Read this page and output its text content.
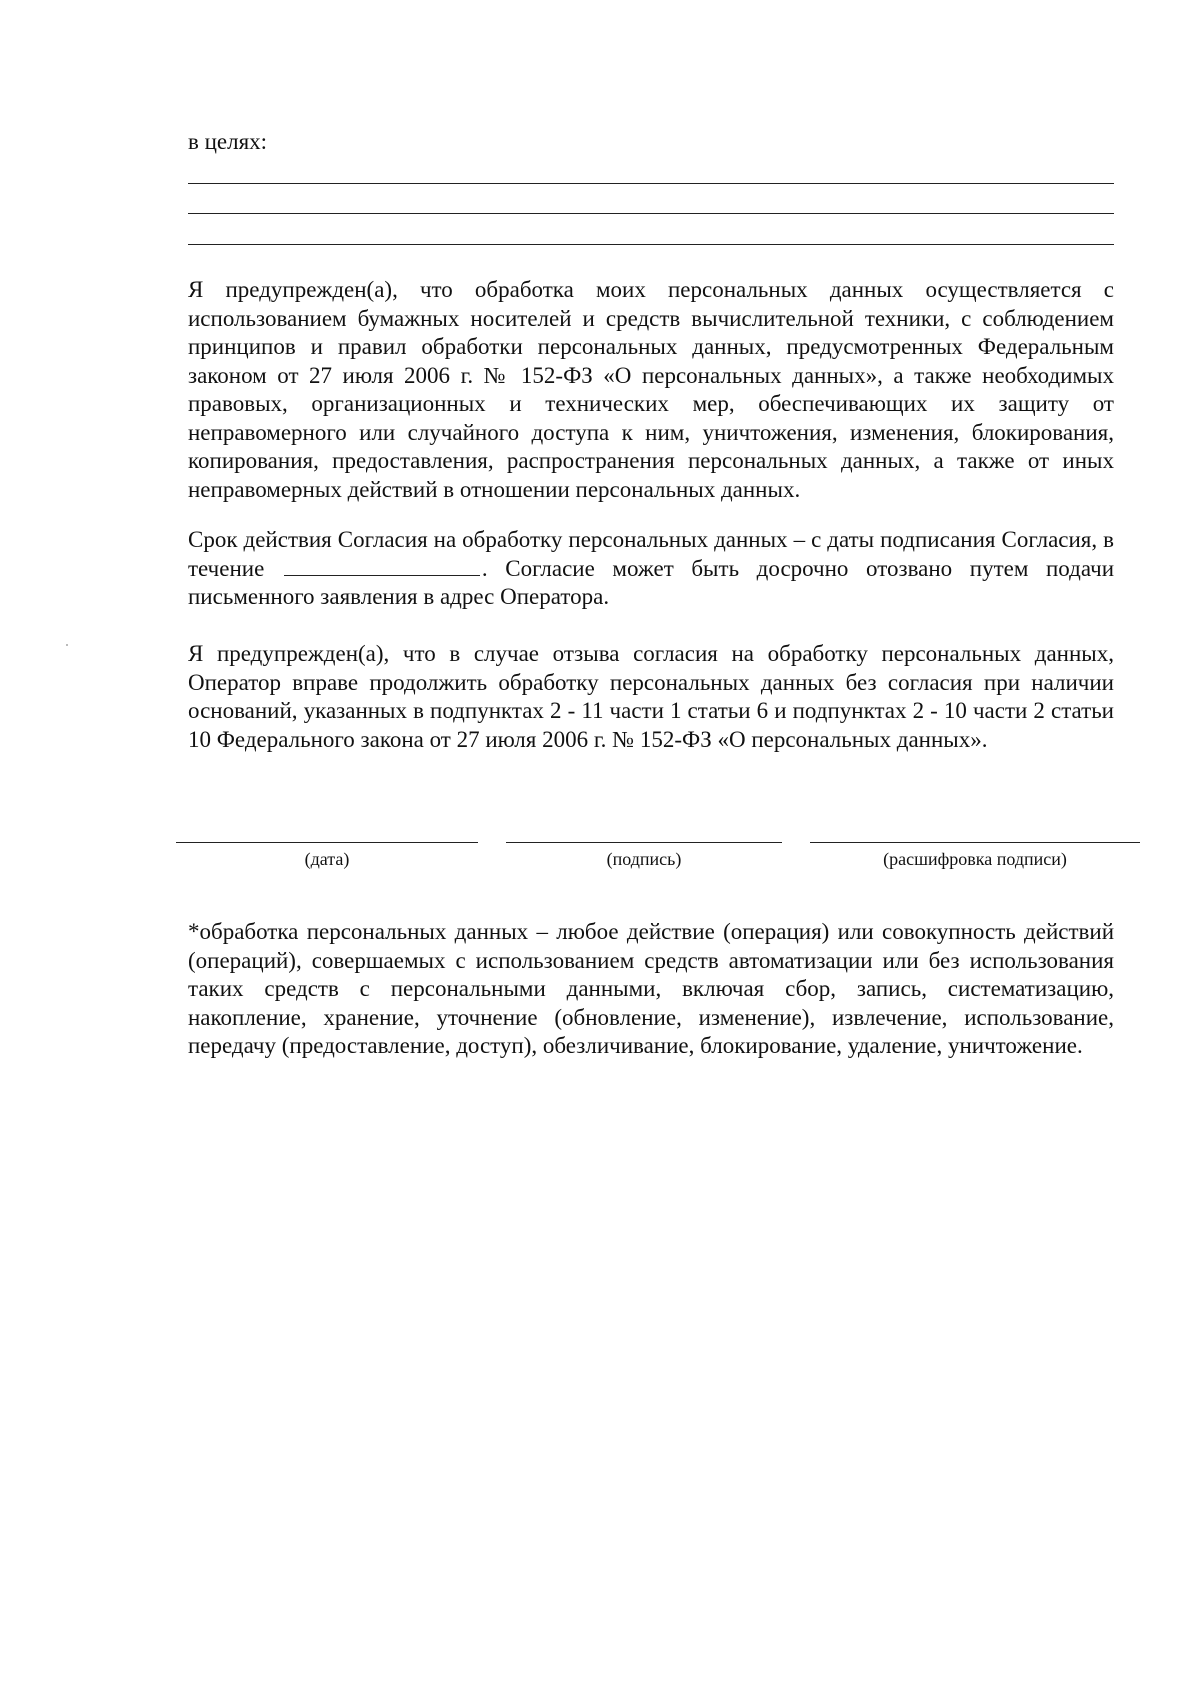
в целях:

Я предупрежден(а), что обработка моих персональных данных осуществляется с использованием бумажных носителей и средств вычислительной техники, с соблюдением принципов и правил обработки персональных данных, предусмотренных Федеральным законом от 27 июля 2006 г. № 152-ФЗ «О персональных данных», а также необходимых правовых, организационных и технических мер, обеспечивающих их защиту от неправомерного или случайного доступа к ним, уничтожения, изменения, блокирования, копирования, предоставления, распространения персональных данных, а также от иных неправомерных действий в отношении персональных данных.

Срок действия Согласия на обработку персональных данных – с даты подписания Согласия, в течение	. Согласие может быть досрочно отозвано путем подачи письменного заявления в адрес Оператора.

Я предупрежден(а), что в случае отзыва согласия на обработку персональных данных, Оператор вправе продолжить обработку персональных данных без согласия при наличии оснований, указанных в подпунктах 2 - 11 части 1 статьи 6 и подпунктах 2 - 10 части 2 статьи 10 Федерального закона от 27 июля 2006 г. № 152-ФЗ «О персональных данных».

(дата)	(подпись)	(расшифровка подписи)

*обработка персональных данных – любое действие (операция) или совокупность действий (операций), совершаемых с использованием средств автоматизации или без использования таких средств с персональными данными, включая сбор, запись, систематизацию, накопление, хранение, уточнение (обновление, изменение), извлечение, использование, передачу (предоставление, доступ), обезличивание, блокирование, удаление, уничтожение.
